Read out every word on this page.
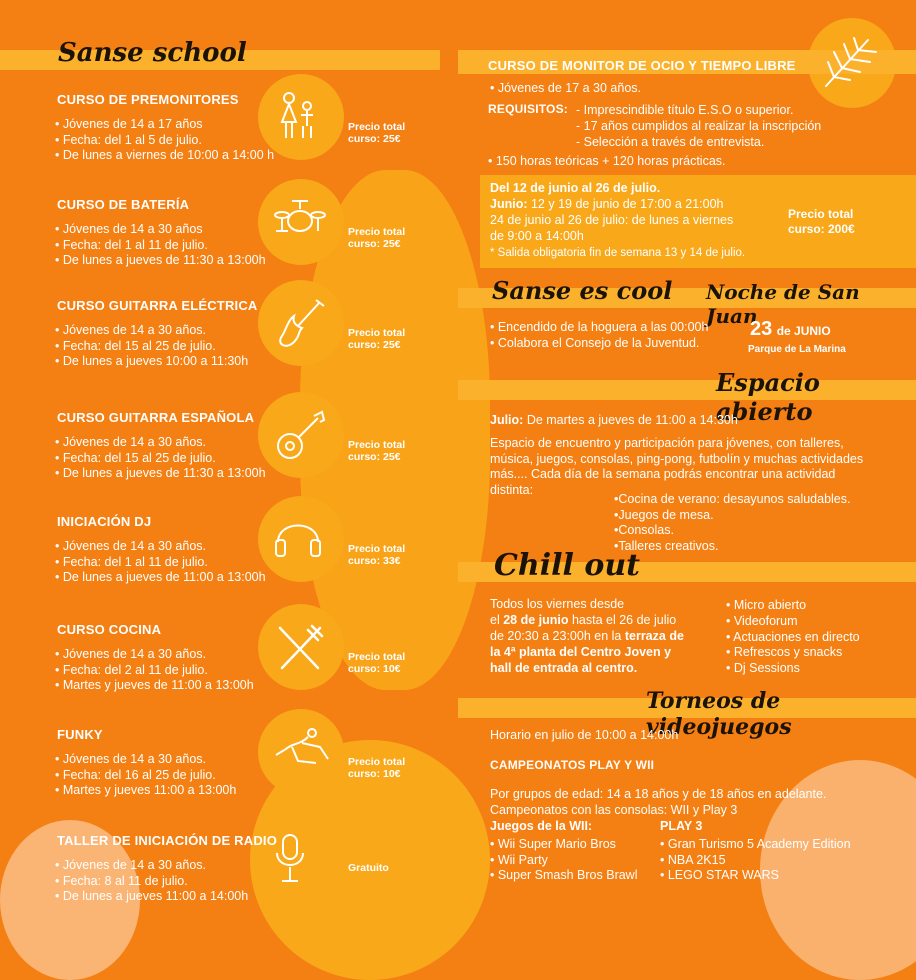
Sanse school
CURSO DE PREMONITORES
• Jóvenes de 14 a 17 años
• Fecha: del 1 al 5 de julio.
• De lunes a viernes de 10:00 a 14:00 h
Precio total
curso: 25€
CURSO DE BATERÍA
• Jóvenes de 14 a 30 años
• Fecha: del 1 al 11 de julio.
• De lunes a jueves de 11:30 a 13:00h
Precio total
curso: 25€
CURSO GUITARRA ELÉCTRICA
• Jóvenes de 14 a 30 años.
• Fecha: del 15 al 25 de julio.
• De lunes a jueves 10:00 a 11:30h
Precio total
curso: 25€
CURSO GUITARRA ESPAÑOLA
• Jóvenes de 14 a 30 años.
• Fecha: del 15 al 25 de julio.
• De lunes a jueves de 11:30 a 13:00h
Precio total
curso: 25€
INICIACIÓN DJ
• Jóvenes de 14 a 30 años.
• Fecha: del 1 al 11 de julio.
• De lunes a jueves de 11:00 a 13:00h
Precio total
curso: 33€
CURSO COCINA
• Jóvenes de 14 a 30 años.
• Fecha: del 2 al 11 de julio.
• Martes y jueves de 11:00 a 13:00h
Precio total
curso: 10€
FUNKY
• Jóvenes de 14 a 30 años.
• Fecha: del 16 al 25 de julio.
• Martes y jueves 11:00 a 13:00h
Precio total
curso: 10€
TALLER DE INICIACIÓN DE RADIO
• Jóvenes de 14 a 30 años.
• Fecha: 8 al 11 de julio.
• De lunes a jueves 11:00 a 14:00h
Gratuito
CURSO DE MONITOR DE OCIO Y TIEMPO LIBRE
• Jóvenes de 17 a 30 años.
REQUISITOS: - Imprescindible título E.S.O o superior.
- 17 años cumplidos al realizar la inscripción
- Selección a través de entrevista.
• 150 horas teóricas + 120 horas prácticas.
Del 12 de junio al 26 de julio.
Junio: 12 y 19 de junio de 17:00 a 21:00h
24 de junio al 26 de julio: de lunes a viernes
de 9:00 a 14:00h
* Salida obligatoria fin de semana 13 y 14 de julio.
Precio total
curso: 200€
Sanse es cool Noche de San Juan
• Encendido de la hoguera a las 00:00h
• Colabora el Consejo de la Juventud.
23 de JUNIO
Parque de La Marina
Espacio abierto
Julio: De martes a jueves de 11:00 a 14:30h
Espacio de encuentro y participación para jóvenes, con talleres,
música, juegos, consolas, ping-pong, futbolín y muchas actividades
más.... Cada día de la semana podrás encontrar una actividad
distinta:
•Cocina de verano: desayunos saludables.
•Juegos de mesa.
•Consolas.
•Talleres creativos.
Chill out
Todos los viernes desde
el 28 de junio hasta el 26 de julio
de 20:30 a 23:00h en la terraza de
la 4ª planta del Centro Joven y
hall de entrada al centro.
• Micro abierto
• Videoforum
• Actuaciones en directo
• Refrescos y snacks
• Dj Sessions
Torneos de videojuegos
Horario en julio de 10:00 a 14:00h
CAMPEONATOS PLAY Y WII
Por grupos de edad: 14 a 18 años y de 18 años en adelante.
Campeonatos con las consolas: WII y Play 3
Juegos de la WII:	PLAY 3
• Wii Super Mario Bros
• Wii Party
• Super Smash Bros Brawl
• Gran Turismo 5 Academy Edition
• NBA 2K15
• LEGO STAR WARS
